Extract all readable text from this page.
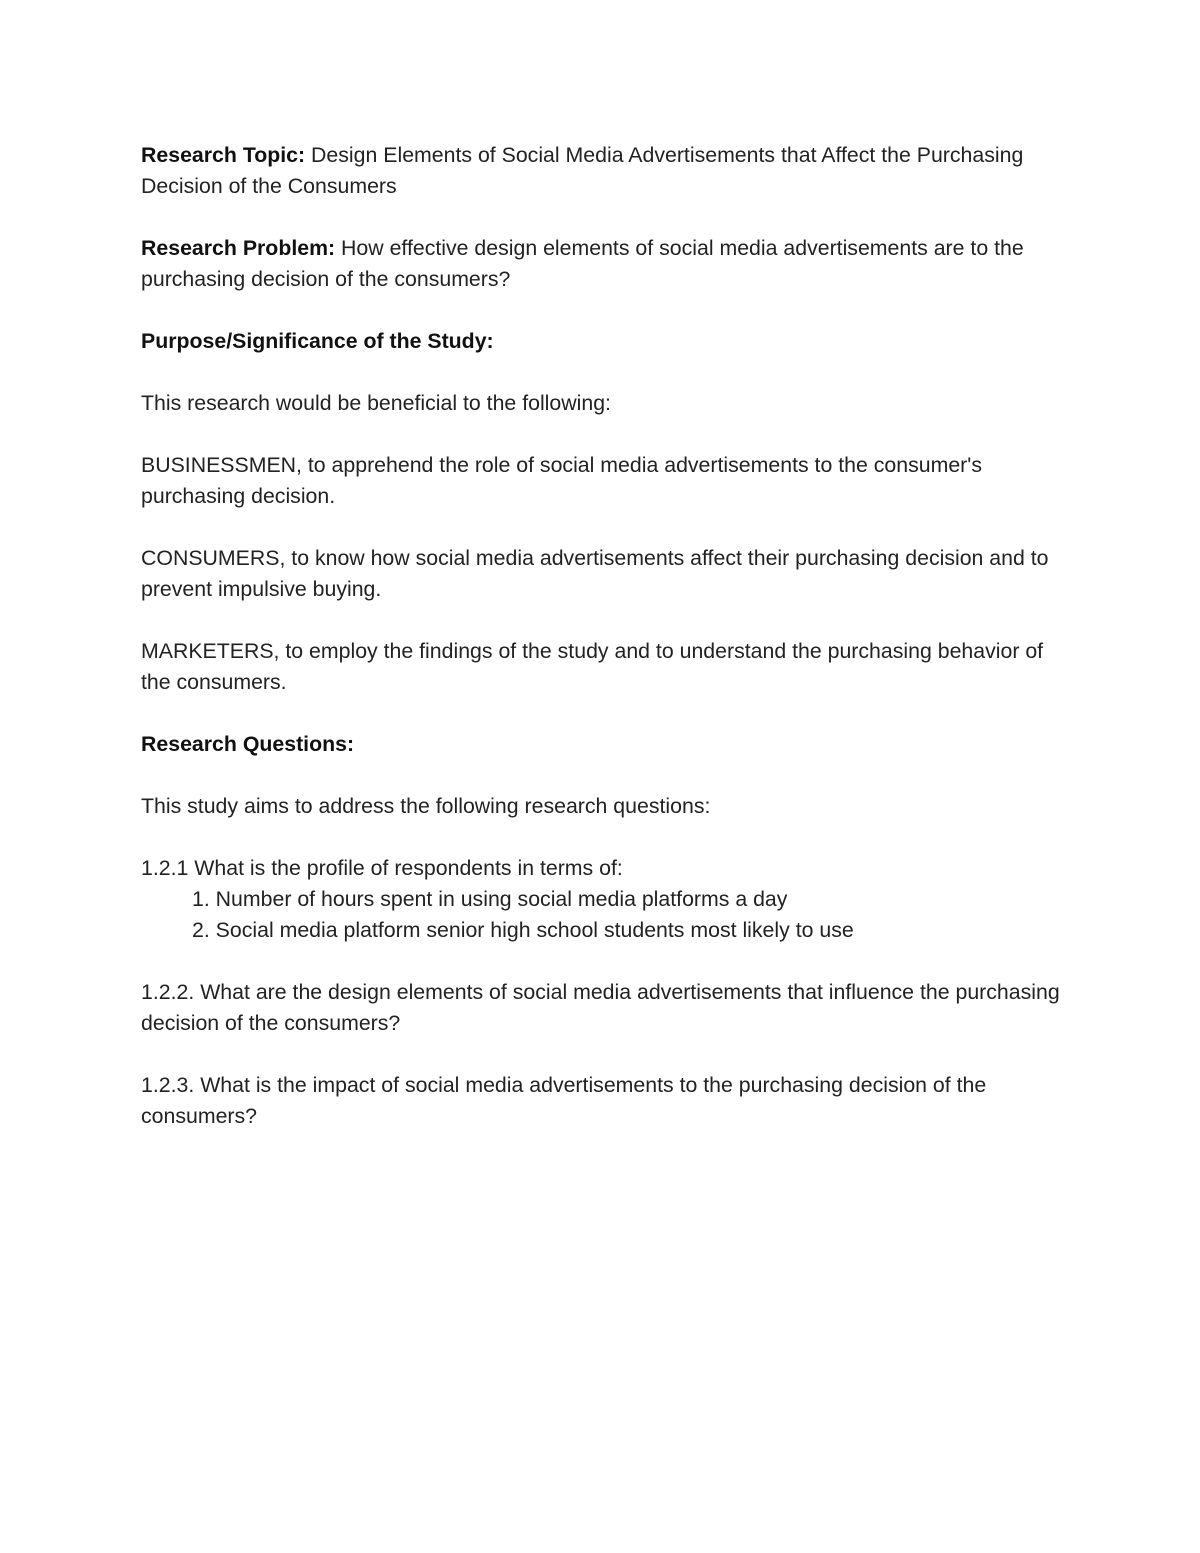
Research Topic: Design Elements of Social Media Advertisements that Affect the Purchasing Decision of the Consumers

Research Problem: How effective design elements of social media advertisements are to the purchasing decision of the consumers?

Purpose/Significance of the Study:

This research would be beneficial to the following:

BUSINESSMEN, to apprehend the role of social media advertisements to the consumer's purchasing decision.

CONSUMERS, to know how social media advertisements affect their purchasing decision and to prevent impulsive buying.

MARKETERS, to employ the findings of the study and to understand the purchasing behavior of the consumers.

Research Questions:

This study aims to address the following research questions:

1.2.1 What is the profile of respondents in terms of:

1. Number of hours spent in using social media platforms a day
2. Social media platform senior high school students most likely to use

1.2.2. What are the design elements of social media advertisements that influence the purchasing decision of the consumers?

1.2.3. What is the impact of social media advertisements to the purchasing decision of the consumers?
